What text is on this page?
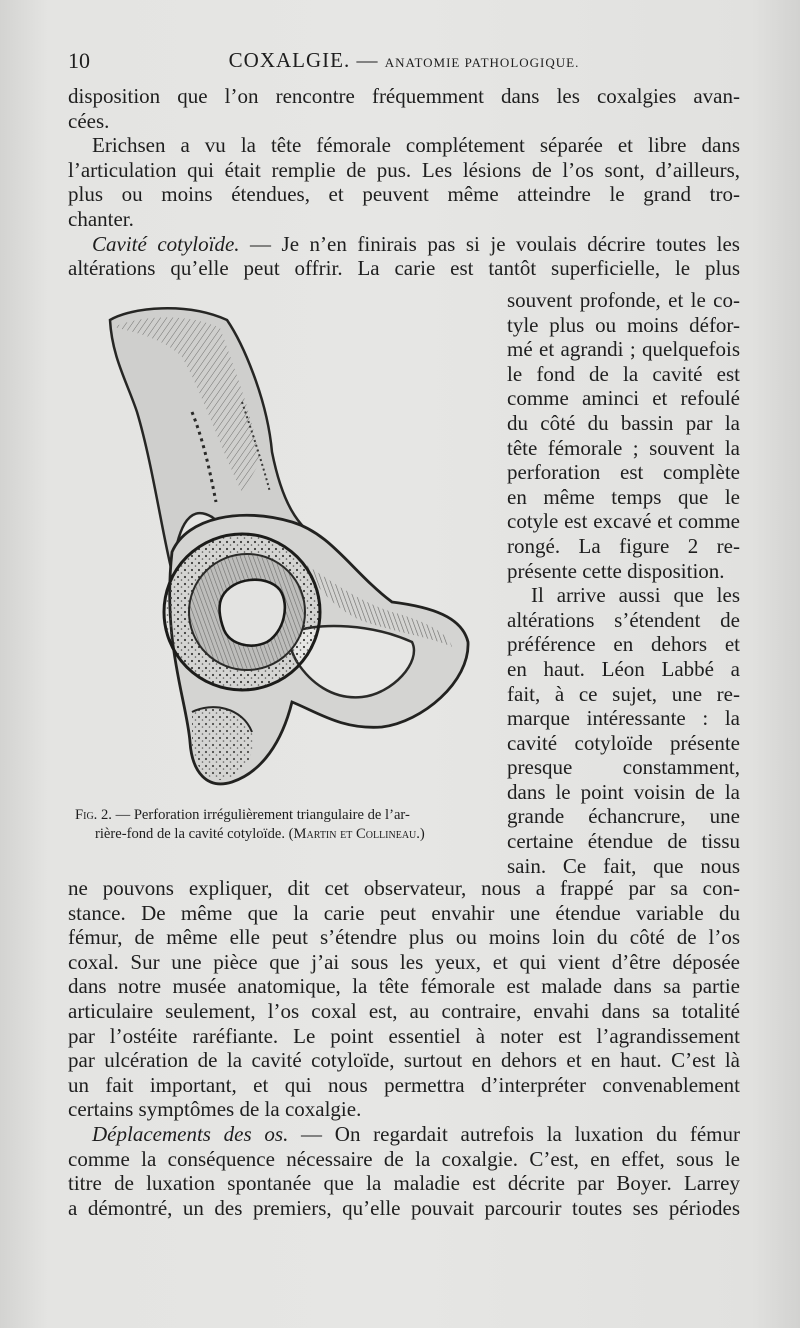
10	COXALGIE. — ANATOMIE PATHOLOGIQUE.

disposition que l’on rencontre fréquemment dans les coxalgies avan-

cées.

Erichsen a vu la tête fémorale complétement séparée et libre dans

l’articulation qui était remplie de pus. Les lésions de l’os sont, d’ailleurs,

plus ou moins étendues, et peuvent même atteindre le grand tro-

chanter.

Cavité cotyloïde. — Je n’en finirais pas si je voulais décrire toutes les

altérations qu’elle peut offrir. La carie est tantôt superficielle, le plus

souvent profonde, et le co-

tyle plus ou moins défor-

mé et agrandi ; quelquefois

le fond de la cavité est

comme aminci et refoulé

du côté du bassin par la

tête fémorale ; souvent la

perforation est complète

en même temps que le

cotyle est excavé et comme

rongé. La figure 2 re-

présente cette disposition.

Il arrive aussi que les

altérations s’étendent de

préférence en dehors et

en haut. Léon Labbé a

fait, à ce sujet, une re-

marque intéressante : la

cavité cotyloïde présente

presque constamment,

dans le point voisin de la

grande échancrure, une

certaine étendue de tissu

sain. Ce fait, que nous

Fig. 2. — Perforation irrégulièrement triangulaire de l’ar-
rière-fond de la cavité cotyloïde. (Martin et Collineau.)

ne pouvons expliquer, dit cet observateur, nous a frappé par sa con-

stance. De même que la carie peut envahir une étendue variable du

fémur, de même elle peut s’étendre plus ou moins loin du côté de l’os

coxal. Sur une pièce que j’ai sous les yeux, et qui vient d’être déposée

dans notre musée anatomique, la tête fémorale est malade dans sa partie

articulaire seulement, l’os coxal est, au contraire, envahi dans sa totalité

par l’ostéite raréfiante. Le point essentiel à noter est l’agrandissement

par ulcération de la cavité cotyloïde, surtout en dehors et en haut. C’est là

un fait important, et qui nous permettra d’interpréter convenablement

certains symptômes de la coxalgie.

Déplacements des os. — On regardait autrefois la luxation du fémur

comme la conséquence nécessaire de la coxalgie. C’est, en effet, sous le

titre de luxation spontanée que la maladie est décrite par Boyer. Larrey

a démontré, un des premiers, qu’elle pouvait parcourir toutes ses périodes
